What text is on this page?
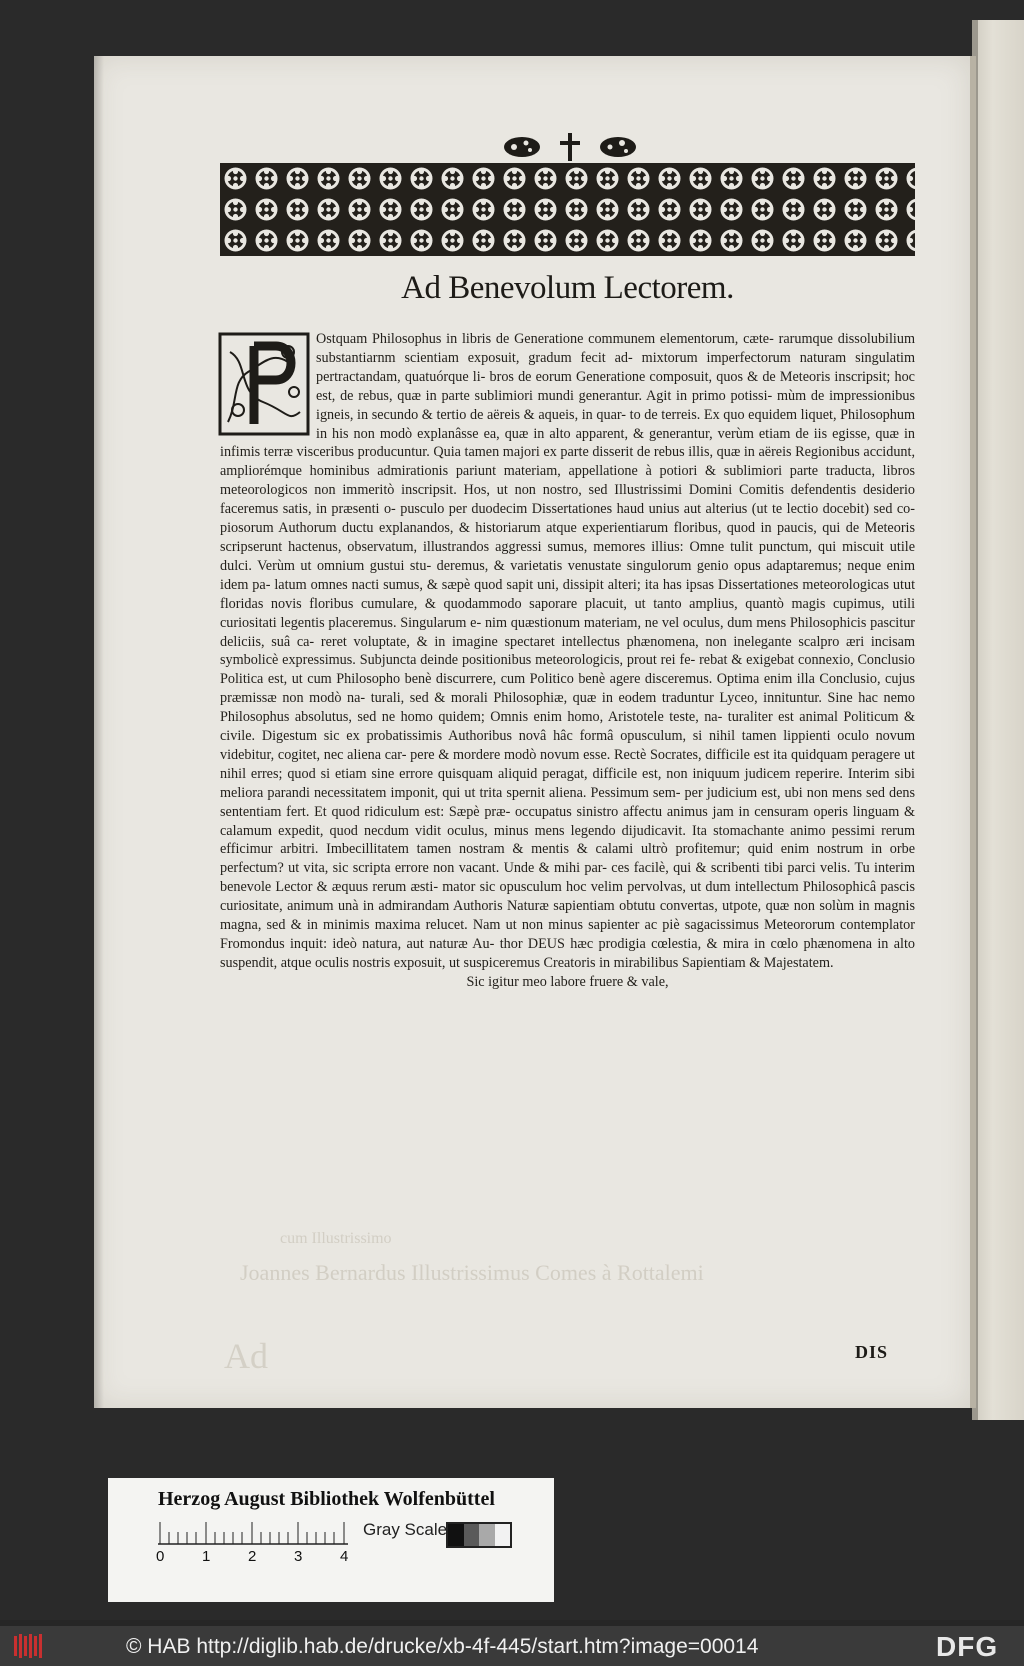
Ad Benevolum Lectorem.
Ostquam Philosophus in libris de Generatione communem elementorum, cæte- rarumque dissolubilium substantiarnm scientiam exposuit, gradum fecit ad- mixtorum imperfectorum naturam singulatim pertractandam, quatuórque li- bros de eorum Generatione composuit, quos & de Meteoris inscripsit; hoc est, de rebus, quæ in parte sublimiori mundi generantur. Agit in primo potissi- mùm de impressionibus igneis, in secundo & tertio de aëreis & aqueis, in quar- to de terreis. Ex quo equidem liquet, Philosophum in his non modò explanâsse ea, quæ in alto apparent, & generantur, verùm etiam de iis egisse, quæ in infimis terræ visceribus producuntur. Quia tamen majori ex parte disserit de rebus illis, quæ in aëreis Regionibus accidunt, ampliorémque hominibus admirationis pariunt materiam, appellatione à potiori & sublimiori parte traducta, libros meteorologicos non immeritò inscripsit. Hos, ut non nostro, sed Illustrissimi Domini Comitis defendentis desiderio faceremus satis, in præsenti o- pusculo per duodecim Dissertationes haud unius aut alterius (ut te lectio docebit) sed co- piosorum Authorum ductu explanandos, & historiarum atque experientiarum floribus, quod in paucis, qui de Meteoris scripserunt hactenus, observatum, illustrandos aggressi sumus, memores illius: Omne tulit punctum, qui miscuit utile dulci. Verùm ut omnium gustui stu- deremus, & varietatis venustate singulorum genio opus adaptaremus; neque enim idem pa- latum omnes nacti sumus, & sæpè quod sapit uni, dissipit alteri; ita has ipsas Dissertationes meteorologicas utut floridas novis floribus cumulare, & quodammodo saporare placuit, ut tanto amplius, quantò magis cupimus, utili curiositati legentis placeremus. Singularum e- nim quæstionum materiam, ne vel oculus, dum mens Philosophicis pascitur deliciis, suâ ca- reret voluptate, & in imagine spectaret intellectus phænomena, non inelegante scalpro æri incisam symbolicè expressimus. Subjuncta deinde positionibus meteorologicis, prout rei fe- rebat & exigebat connexio, Conclusio Politica est, ut cum Philosopho benè discurrere, cum Politico benè agere disceremus. Optima enim illa Conclusio, cujus præmissæ non modò na- turali, sed & morali Philosophiæ, quæ in eodem traduntur Lyceo, innituntur. Sine hac nemo Philosophus absolutus, sed ne homo quidem; Omnis enim homo, Aristotele teste, na- turaliter est animal Politicum & civile. Digestum sic ex probatissimis Authoribus novâ hâc formâ opusculum, si nihil tamen lippienti oculo novum videbitur, cogitet, nec aliena car- pere & mordere modò novum esse. Rectè Socrates, difficile est ita quidquam peragere ut nihil erres; quod si etiam sine errore quisquam aliquid peragat, difficile est, non iniquum judicem reperire. Interim sibi meliora parandi necessitatem imponit, qui ut trita spernit aliena. Pessimum sem- per judicium est, ubi non mens sed dens sententiam fert. Et quod ridiculum est: Sæpè præ- occupatus sinistro affectu animus jam in censuram operis linguam & calamum expedit, quod necdum vidit oculus, minus mens legendo dijudicavit. Ita stomachante animo pessimi rerum efficimur arbitri. Imbecillitatem tamen nostram & mentis & calami ultrò profitemur; quid enim nostrum in orbe perfectum? ut vita, sic scripta errore non vacant. Unde & mihi par- ces facilè, qui & scribenti tibi parci velis. Tu interim benevole Lector & æquus rerum æsti- mator sic opusculum hoc velim pervolvas, ut dum intellectum Philosophicâ pascis curiositate, animum unà in admirandam Authoris Naturæ sapientiam obtutu convertas, utpote, quæ non solùm in magnis magna, sed & in minimis maxima relucet. Nam ut non minus sapienter ac piè sagacissimus Meteororum contemplator Fromondus inquit: ideò natura, aut naturæ Au- thor DEUS hæc prodigia cœlestia, & mira in cœlo phænomena in alto suspendit, atque oculis nostris exposuit, ut suspiceremus Creatoris in mirabilibus Sapientiam & Majestatem.
Sic igitur meo labore fruere & vale,
cum Illustrissimo
Joannes Bernardus Illustrissimus Comes à Rottalemi
Ad	DIS
Herzog August Bibliothek Wolfenbüttel
Gray Scale
0	1	2	3	4
© HAB http://diglib.hab.de/drucke/xb-4f-445/start.htm?image=00014	DFG
